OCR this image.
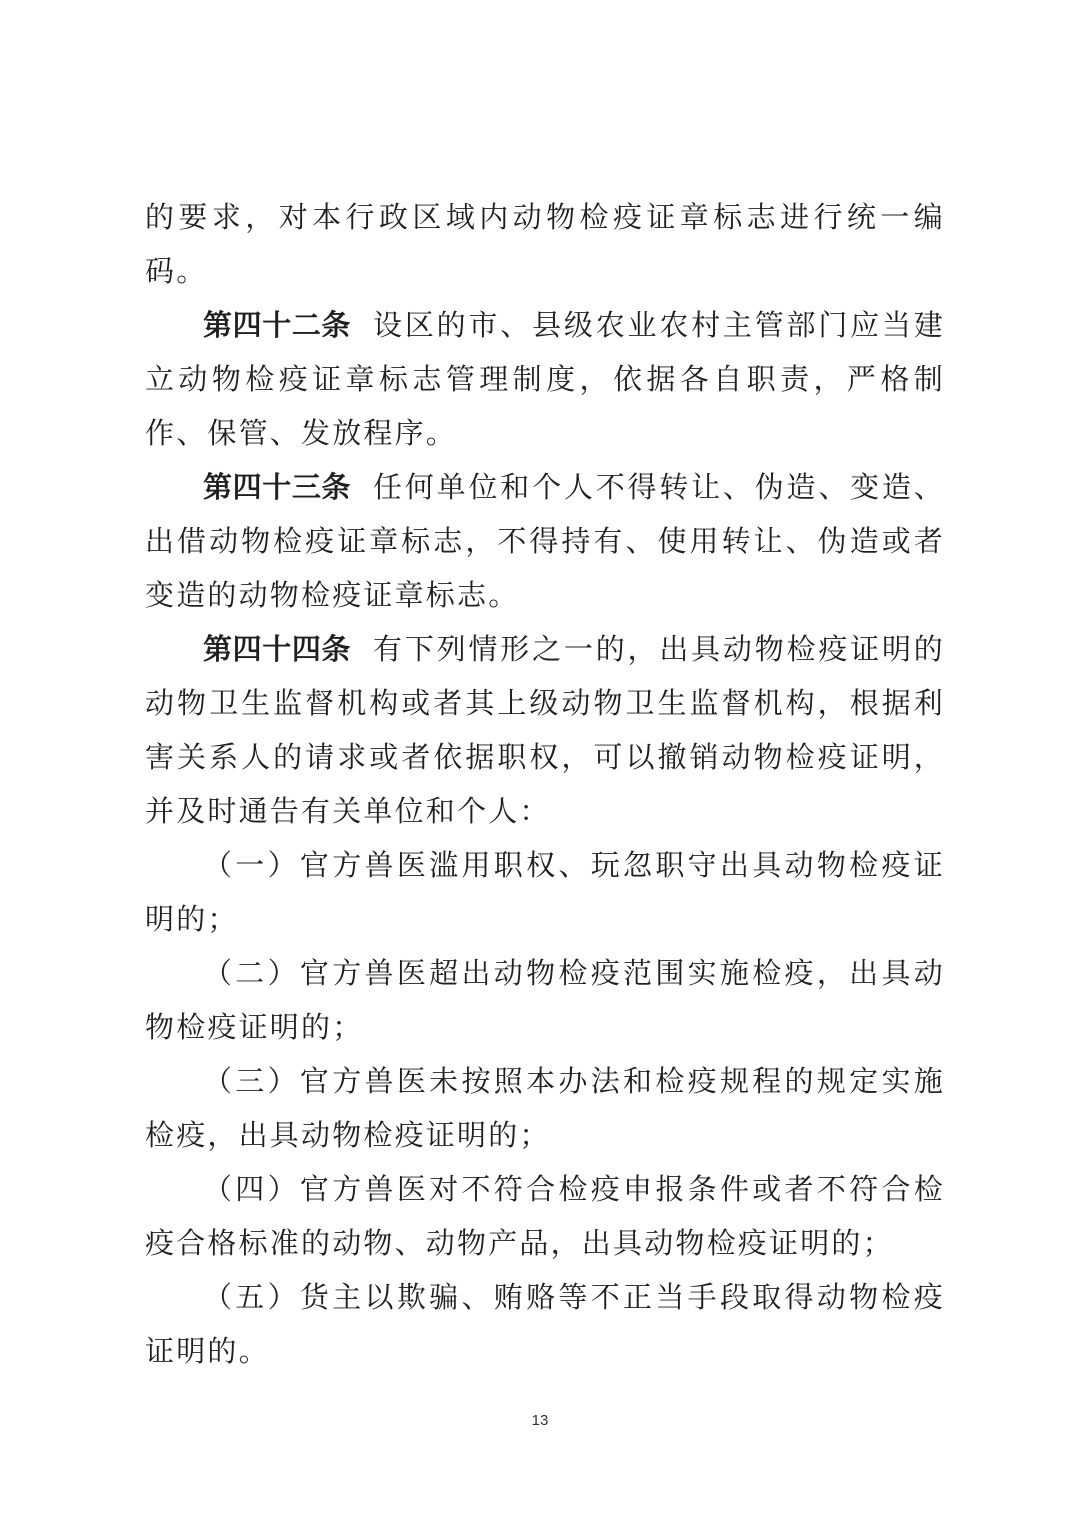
的要求，对本行政区域内动物检疫证章标志进行统一编码。

第四十二条 设区的市、县级农业农村主管部门应当建立动物检疫证章标志管理制度，依据各自职责，严格制作、保管、发放程序。

第四十三条 任何单位和个人不得转让、伪造、变造、出借动物检疫证章标志，不得持有、使用转让、伪造或者变造的动物检疫证章标志。

第四十四条 有下列情形之一的，出具动物检疫证明的动物卫生监督机构或者其上级动物卫生监督机构，根据利害关系人的请求或者依据职权，可以撤销动物检疫证明，并及时通告有关单位和个人：

（一）官方兽医滥用职权、玩忽职守出具动物检疫证明的；

（二）官方兽医超出动物检疫范围实施检疫，出具动物检疫证明的；

（三）官方兽医未按照本办法和检疫规程的规定实施检疫，出具动物检疫证明的；

（四）官方兽医对不符合检疫申报条件或者不符合检疫合格标准的动物、动物产品，出具动物检疫证明的；

（五）货主以欺骗、贿赂等不正当手段取得动物检疫证明的。

13
